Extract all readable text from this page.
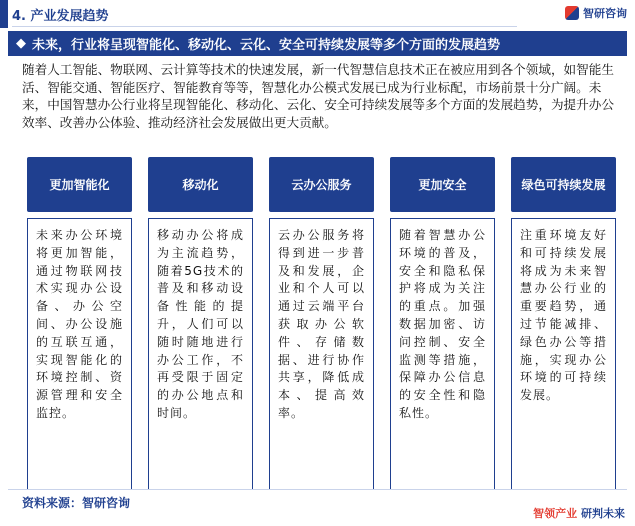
4. 产业发展趋势	智研咨询
◆ 未来，行业将呈现智能化、移动化、云化、安全可持续发展等多个方面的发展趋势
随着人工智能、物联网、云计算等技术的快速发展，新一代智慧信息技术正在被应用到各个领域，如智能生活、智能交通、智能医疗、智能教育等等，智慧化办公模式发展已成为行业标配，市场前景十分广阔。未来，中国智慧办公行业将呈现智能化、移动化、云化、安全可持续发展等多个方面的发展趋势，为提升办公效率、改善办公体验、推动经济社会发展做出更大贡献。
更加智能化
未来办公环境将更加智能，通过物联网技术实现办公设备、办公空间、办公设施的互联互通，实现智能化的环境控制、资源管理和安全监控。
移动化
移动办公将成为主流趋势，随着5G技术的普及和移动设备性能的提升，人们可以随时随地进行办公工作，不再受限于固定的办公地点和时间。
云办公服务
云办公服务将得到进一步普及和发展，企业和个人可以通过云端平台获取办公软件、存储数据、进行协作共享，降低成本、提高效率。
更加安全
随着智慧办公环境的普及，安全和隐私保护将成为关注的重点。加强数据加密、访问控制、安全监测等措施，保障办公信息的安全性和隐私性。
绿色可持续发展
注重环境友好和可持续发展将成为未来智慧办公行业的重要趋势，通过节能减排、绿色办公等措施，实现办公环境的可持续发展。
资料来源：智研咨询
智领产业 研判未来
